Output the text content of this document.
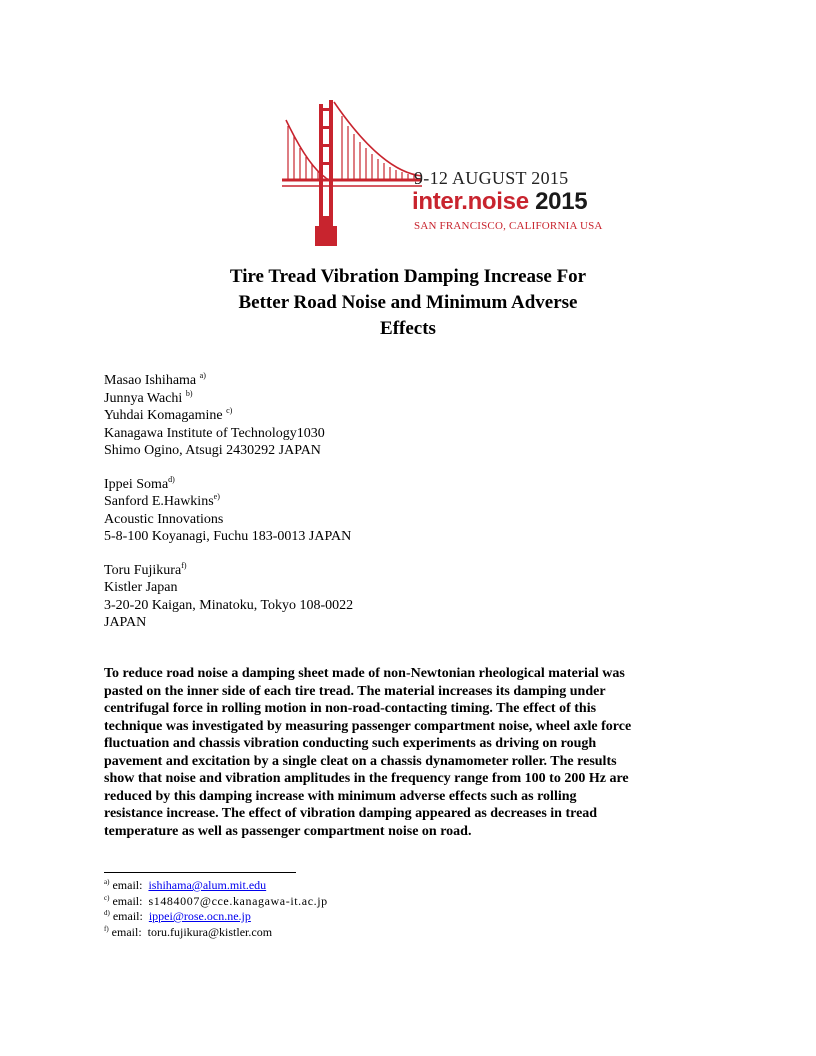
9-12 AUGUST 2015
inter.noise 2015
SAN FRANCISCO, CALIFORNIA USA
Tire Tread Vibration Damping Increase For
Better Road Noise and Minimum Adverse
Effects
Masao Ishihama $^{a)}$
Junnya Wachi $^{b)}$
Yuhdai Komagamine $^{c)}$
Kanagawa Institute of Technology1030
Shimo Ogino, Atsugi 2430292 JAPAN
Ippei Soma$^{d)}$
Sanford E.Hawkins$^{e)}$
Acoustic Innovations
5-8-100 Koyanagi, Fuchu 183-0013 JAPAN
Toru Fujikura$^{f)}$
Kistler Japan
3-20-20 Kaigan, Minatoku, Tokyo 108-0022
JAPAN
To reduce road noise a damping sheet made of non-Newtonian rheological material was
pasted on the inner side of each tire tread. The material increases its damping under
centrifugal force in rolling motion in non-road-contacting timing. The effect of this
technique was investigated by measuring passenger compartment noise, wheel axle force
fluctuation and chassis vibration conducting such experiments as driving on rough
pavement and excitation by a single cleat on a chassis dynamometer roller. The results
show that noise and vibration amplitudes in the frequency range from 100 to 200 Hz are
reduced by this damping increase with minimum adverse effects such as rolling
resistance increase. The effect of vibration damping appeared as decreases in tread
temperature as well as passenger compartment noise on road.
$^{a)}$ email: ishihama@alum.mit.edu
$^{c)}$ email: s1484007@cce.kanagawa-it.ac.jp
$^{d)}$ email: ippei@rose.ocn.ne.jp
$^{f)}$ email: toru.fujikura@kistler.com
